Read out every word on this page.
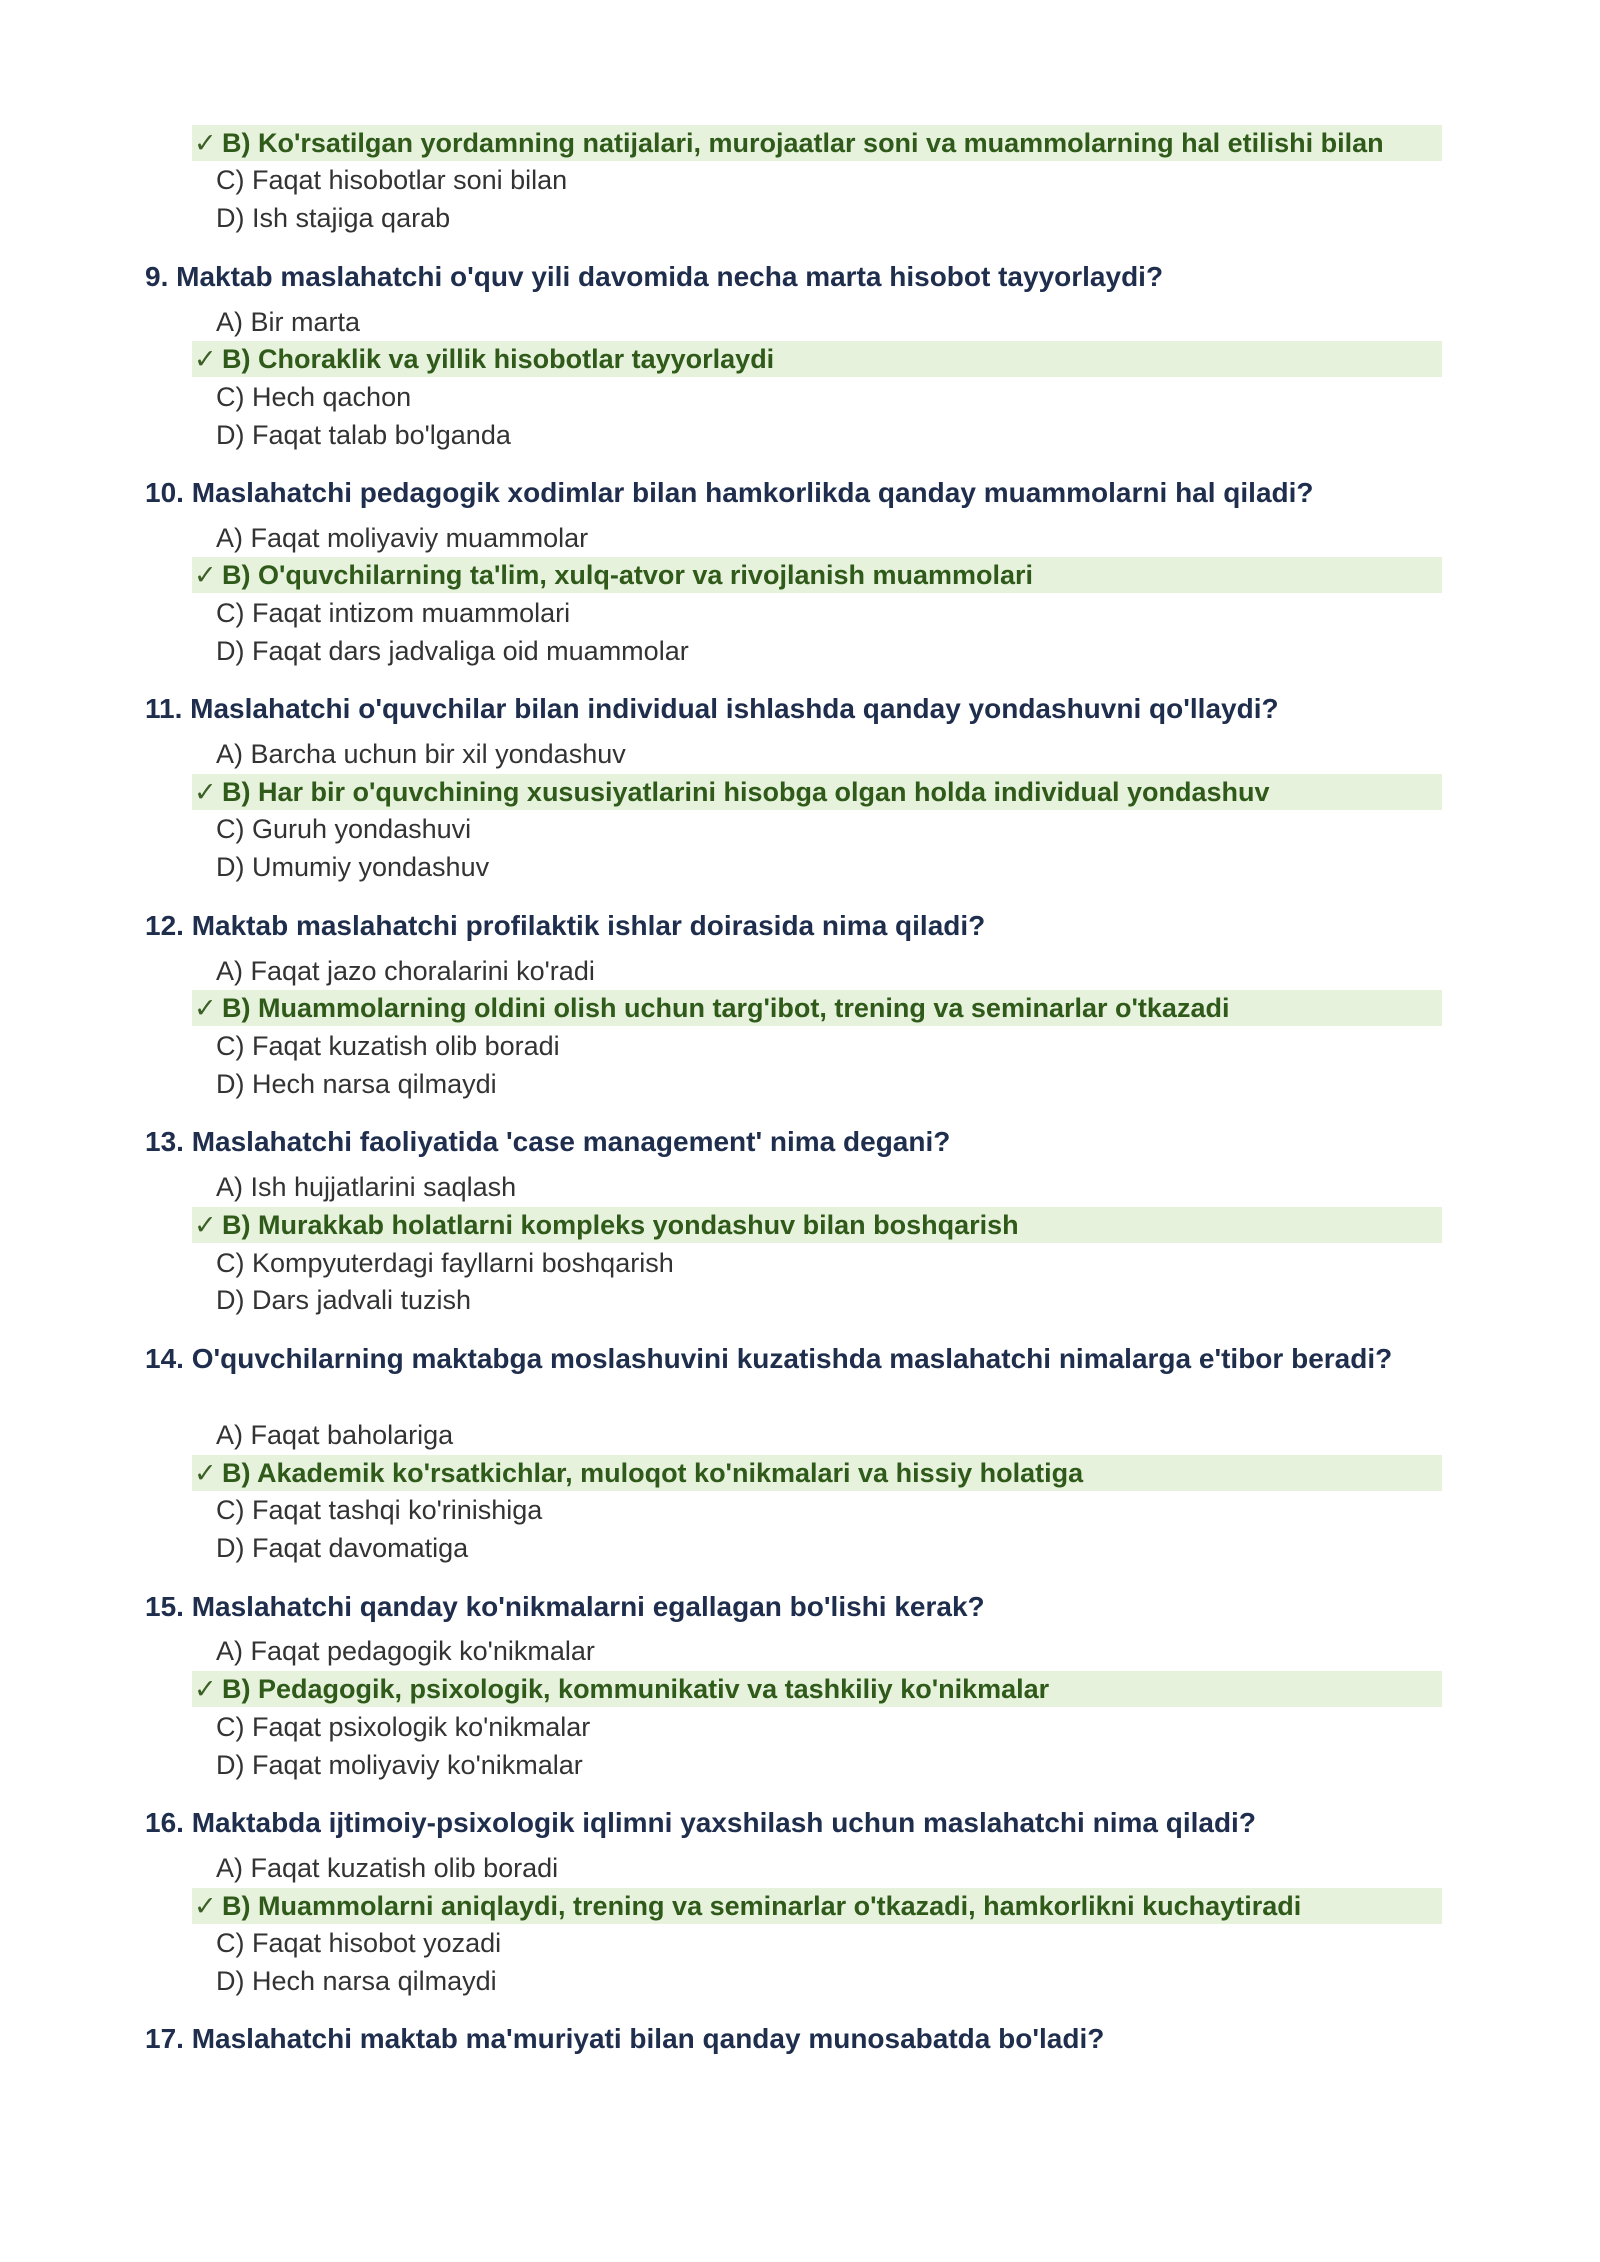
✓ B) Ko'rsatilgan yordamning natijalari, murojaatlar soni va muammolarning hal etilishi bilan
C) Faqat hisobotlar soni bilan
D) Ish stajiga qarab
9. Maktab maslahatchi o'quv yili davomida necha marta hisobot tayyorlaydi?
A) Bir marta
✓ B) Choraklik va yillik hisobotlar tayyorlaydi
C) Hech qachon
D) Faqat talab bo'lganda
10. Maslahatchi pedagogik xodimlar bilan hamkorlikda qanday muammolarni hal qiladi?
A) Faqat moliyaviy muammolar
✓ B) O'quvchilarning ta'lim, xulq-atvor va rivojlanish muammolari
C) Faqat intizom muammolari
D) Faqat dars jadvaliga oid muammolar
11. Maslahatchi o'quvchilar bilan individual ishlashda qanday yondashuvni qo'llaydi?
A) Barcha uchun bir xil yondashuv
✓ B) Har bir o'quvchining xususiyatlarini hisobga olgan holda individual yondashuv
C) Guruh yondashuvi
D) Umumiy yondashuv
12. Maktab maslahatchi profilaktik ishlar doirasida nima qiladi?
A) Faqat jazo choralarini ko'radi
✓ B) Muammolarning oldini olish uchun targ'ibot, trening va seminarlar o'tkazadi
C) Faqat kuzatish olib boradi
D) Hech narsa qilmaydi
13. Maslahatchi faoliyatida 'case management' nima degani?
A) Ish hujjatlarini saqlash
✓ B) Murakkab holatlarni kompleks yondashuv bilan boshqarish
C) Kompyuterdagi fayllarni boshqarish
D) Dars jadvali tuzish
14. O'quvchilarning maktabga moslashuvini kuzatishda maslahatchi nimalarga e'tibor beradi?
A) Faqat baholariga
✓ B) Akademik ko'rsatkichlar, muloqot ko'nikmalari va hissiy holatiga
C) Faqat tashqi ko'rinishiga
D) Faqat davomatiga
15. Maslahatchi qanday ko'nikmalarni egallagan bo'lishi kerak?
A) Faqat pedagogik ko'nikmalar
✓ B) Pedagogik, psixologik, kommunikativ va tashkiliy ko'nikmalar
C) Faqat psixologik ko'nikmalar
D) Faqat moliyaviy ko'nikmalar
16. Maktabda ijtimoiy-psixologik iqlimni yaxshilash uchun maslahatchi nima qiladi?
A) Faqat kuzatish olib boradi
✓ B) Muammolarni aniqlaydi, trening va seminarlar o'tkazadi, hamkorlikni kuchaytiradi
C) Faqat hisobot yozadi
D) Hech narsa qilmaydi
17. Maslahatchi maktab ma'muriyati bilan qanday munosabatda bo'ladi?
